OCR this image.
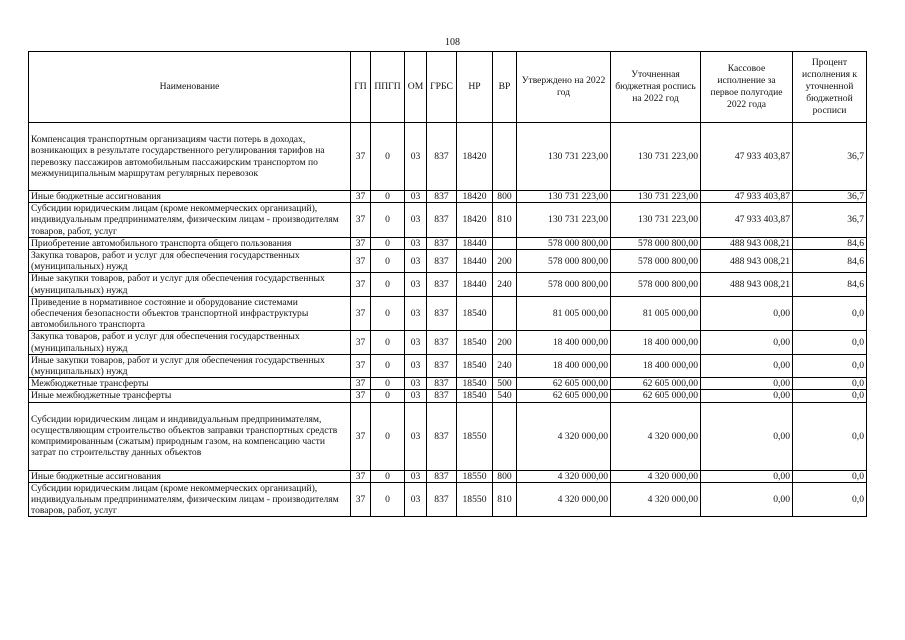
108
Наименование	ГП	ППГП	ОМ	ГРБС	НР	ВР	Утверждено на 2022 год	Уточненная бюджетная роспись на 2022 год	Кассовое исполнение за первое полугодие 2022 года	Процент исполнения к уточненной бюджетной росписи
Компенсация транспортным организациям части потерь в доходах, возникающих в результате государственного регулирования тарифов на перевозку пассажиров автомобильным пассажирским транспортом по межмуниципальным маршрутам регулярных перевозок	37	0	03	837	18420		130 731 223,00	130 731 223,00	47 933 403,87	36,7
Иные бюджетные ассигнования	37	0	03	837	18420	800	130 731 223,00	130 731 223,00	47 933 403,87	36,7
Субсидии юридическим лицам (кроме некоммерческих организаций), индивидуальным предпринимателям, физическим лицам - производителям товаров, работ, услуг	37	0	03	837	18420	810	130 731 223,00	130 731 223,00	47 933 403,87	36,7
Приобретение автомобильного транспорта общего пользования	37	0	03	837	18440		578 000 800,00	578 000 800,00	488 943 008,21	84,6
Закупка товаров, работ и услуг для обеспечения государственных (муниципальных) нужд	37	0	03	837	18440	200	578 000 800,00	578 000 800,00	488 943 008,21	84,6
Иные закупки товаров, работ и услуг для обеспечения государственных (муниципальных) нужд	37	0	03	837	18440	240	578 000 800,00	578 000 800,00	488 943 008,21	84,6
Приведение в нормативное состояние и оборудование системами обеспечения безопасности объектов транспортной инфраструктуры автомобильного транспорта	37	0	03	837	18540		81 005 000,00	81 005 000,00	0,00	0,0
Закупка товаров, работ и услуг для обеспечения государственных (муниципальных) нужд	37	0	03	837	18540	200	18 400 000,00	18 400 000,00	0,00	0,0
Иные закупки товаров, работ и услуг для обеспечения государственных (муниципальных) нужд	37	0	03	837	18540	240	18 400 000,00	18 400 000,00	0,00	0,0
Межбюджетные трансферты	37	0	03	837	18540	500	62 605 000,00	62 605 000,00	0,00	0,0
Иные межбюджетные трансферты	37	0	03	837	18540	540	62 605 000,00	62 605 000,00	0,00	0,0
Субсидии юридическим лицам и индивидуальным предпринимателям, осуществляющим строительство объектов заправки транспортных средств компримированным (сжатым) природным газом, на компенсацию части затрат по строительству данных объектов	37	0	03	837	18550		4 320 000,00	4 320 000,00	0,00	0,0
Иные бюджетные ассигнования	37	0	03	837	18550	800	4 320 000,00	4 320 000,00	0,00	0,0
Субсидии юридическим лицам (кроме некоммерческих организаций), индивидуальным предпринимателям, физическим лицам - производителям товаров, работ, услуг	37	0	03	837	18550	810	4 320 000,00	4 320 000,00	0,00	0,0
